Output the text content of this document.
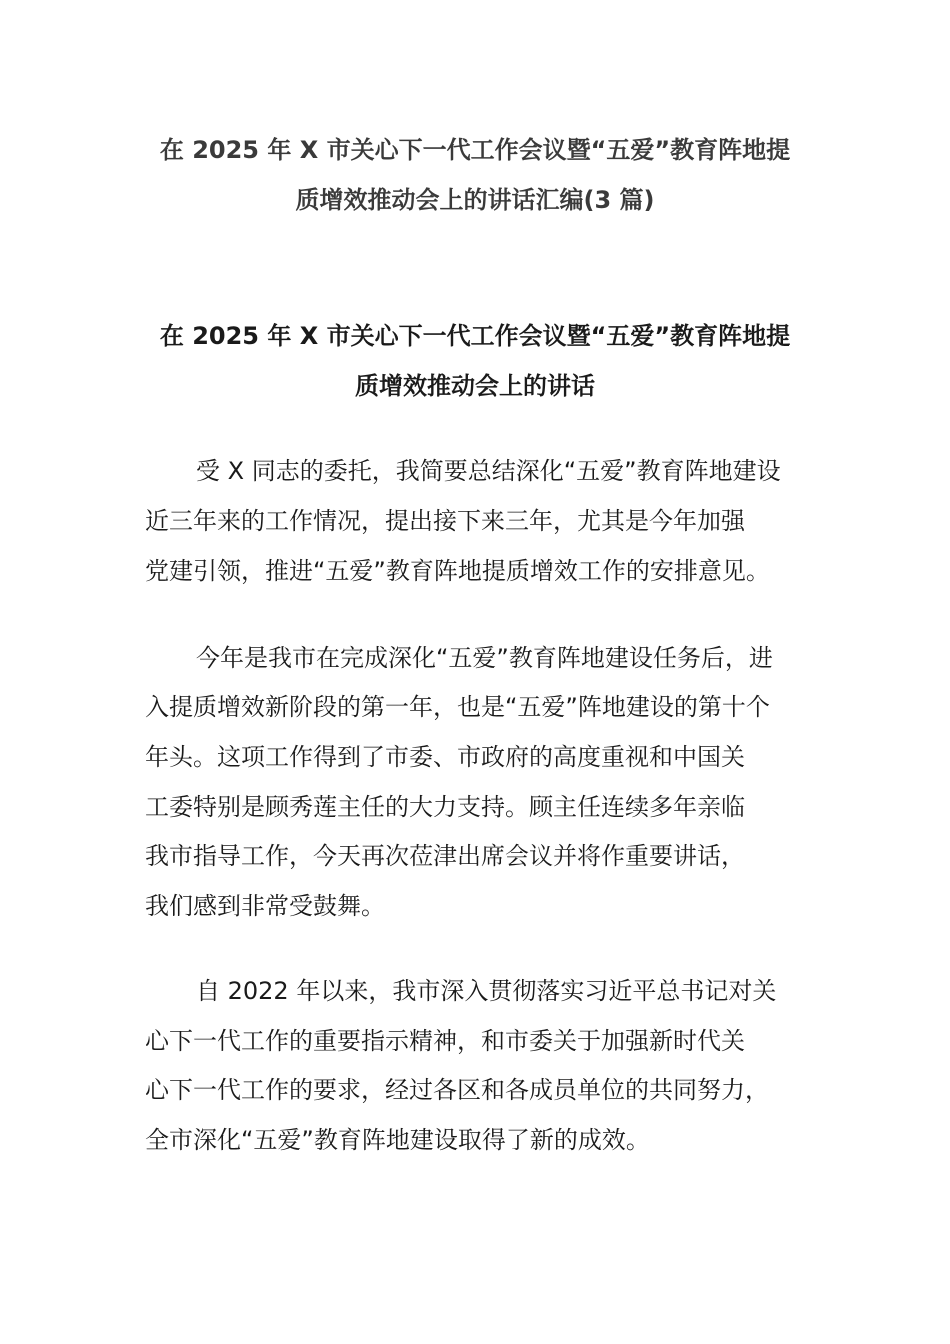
在 2025 年 X 市关心下一代工作会议暨“五爱”教育阵地提
质增效推动会上的讲话汇编(3 篇)
在 2025 年 X 市关心下一代工作会议暨“五爱”教育阵地提
质增效推动会上的讲话
受 X 同志的委托，我简要总结深化“五爱”教育阵地建设
近三年来的工作情况，提出接下来三年，尤其是今年加强
党建引领，推进“五爱”教育阵地提质增效工作的安排意见。
今年是我市在完成深化“五爱”教育阵地建设任务后，进
入提质增效新阶段的第一年，也是“五爱”阵地建设的第十个
年头。这项工作得到了市委、市政府的高度重视和中国关
工委特别是顾秀莲主任的大力支持。顾主任连续多年亲临
我市指导工作，今天再次莅津出席会议并将作重要讲话，
我们感到非常受鼓舞。
自 2022 年以来，我市深入贯彻落实习近平总书记对关
心下一代工作的重要指示精神，和市委关于加强新时代关
心下一代工作的要求，经过各区和各成员单位的共同努力，
全市深化“五爱”教育阵地建设取得了新的成效。
